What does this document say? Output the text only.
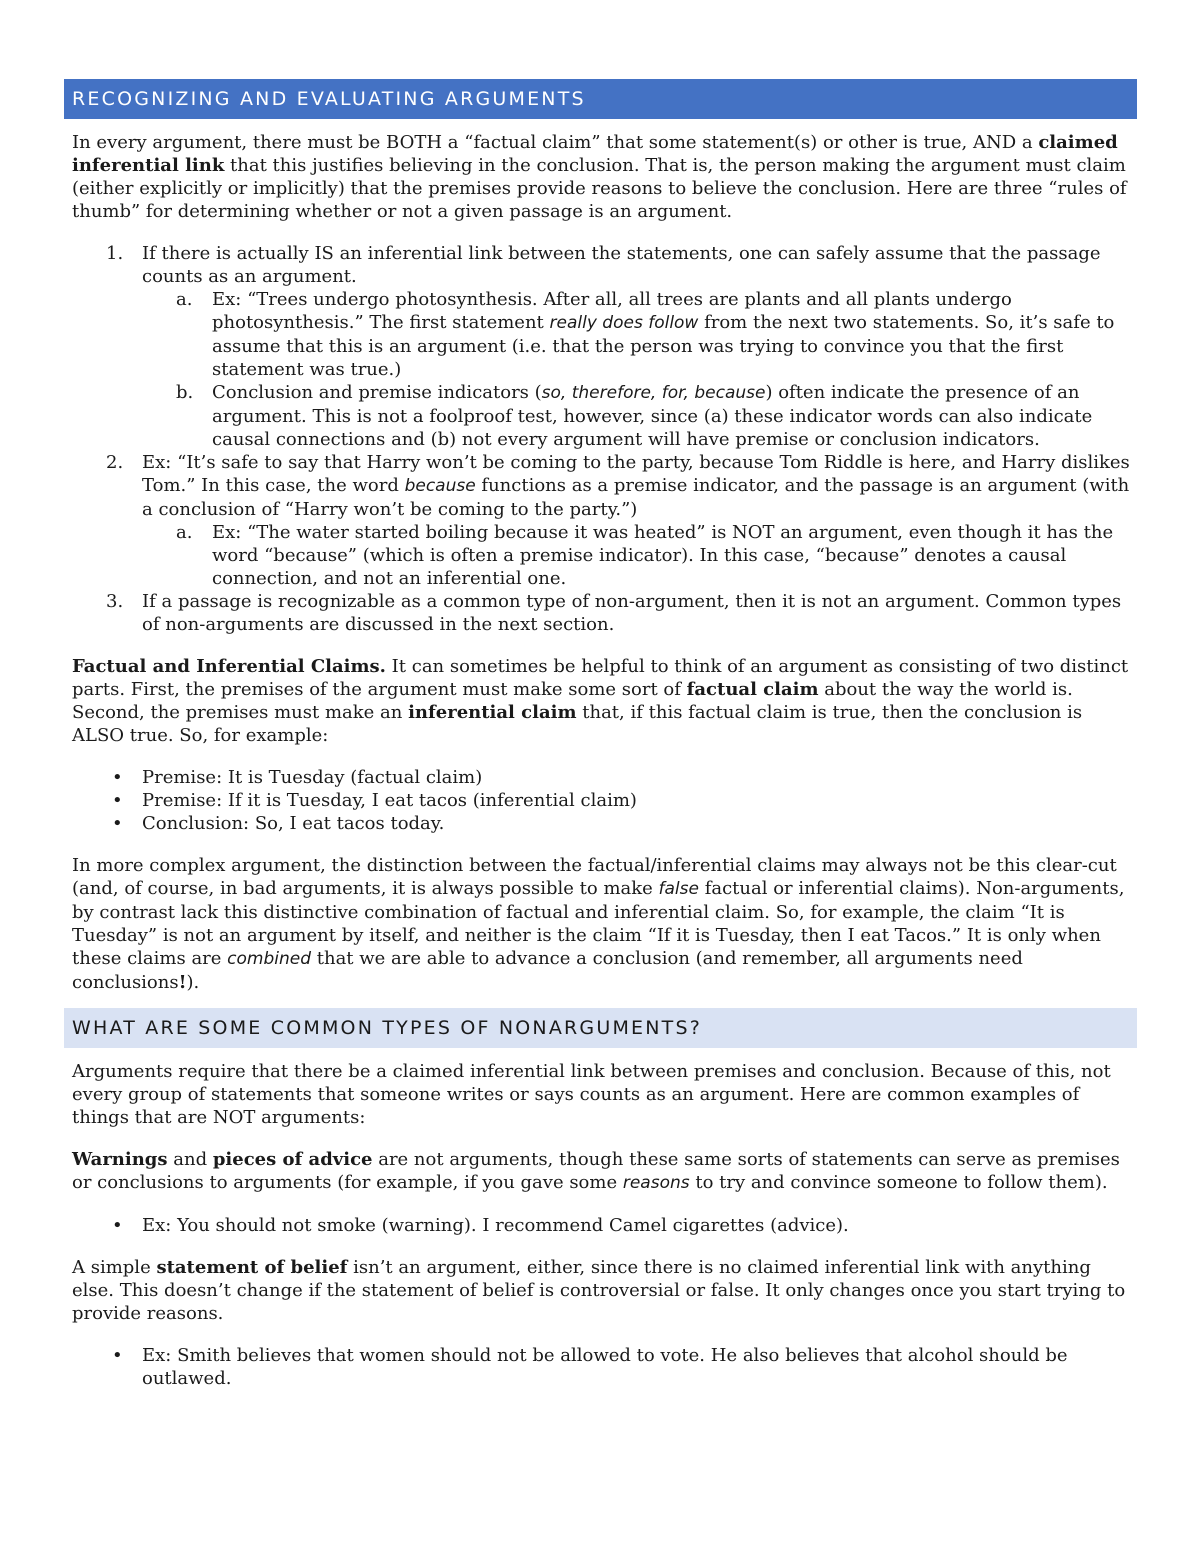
RECOGNIZING AND EVALUATING ARGUMENTS

In every argument, there must be BOTH a “factual claim” that some statement(s) or other is true, AND a claimed inferential link that this justifies believing in the conclusion. That is, the person making the argument must claim (either explicitly or implicitly) that the premises provide reasons to believe the conclusion. Here are three “rules of thumb” for determining whether or not a given passage is an argument.

1. If there is actually IS an inferential link between the statements, one can safely assume that the passage counts as an argument.
a. Ex: “Trees undergo photosynthesis. After all, all trees are plants and all plants undergo photosynthesis.” The first statement really does follow from the next two statements. So, it’s safe to assume that this is an argument (i.e. that the person was trying to convince you that the first statement was true.)
b. Conclusion and premise indicators (so, therefore, for, because) often indicate the presence of an argument. This is not a foolproof test, however, since (a) these indicator words can also indicate causal connections and (b) not every argument will have premise or conclusion indicators.
2. Ex: “It’s safe to say that Harry won’t be coming to the party, because Tom Riddle is here, and Harry dislikes Tom.” In this case, the word because functions as a premise indicator, and the passage is an argument (with a conclusion of “Harry won’t be coming to the party.”)
a. Ex: “The water started boiling because it was heated” is NOT an argument, even though it has the word “because” (which is often a premise indicator). In this case, “because” denotes a causal connection, and not an inferential one.
3. If a passage is recognizable as a common type of non-argument, then it is not an argument. Common types of non-arguments are discussed in the next section.

Factual and Inferential Claims. It can sometimes be helpful to think of an argument as consisting of two distinct parts. First, the premises of the argument must make some sort of factual claim about the way the world is. Second, the premises must make an inferential claim that, if this factual claim is true, then the conclusion is ALSO true. So, for example:

• Premise: It is Tuesday (factual claim)
• Premise: If it is Tuesday, I eat tacos (inferential claim)
• Conclusion: So, I eat tacos today.

In more complex argument, the distinction between the factual/inferential claims may always not be this clear-cut (and, of course, in bad arguments, it is always possible to make false factual or inferential claims). Non-arguments, by contrast lack this distinctive combination of factual and inferential claim. So, for example, the claim “It is Tuesday” is not an argument by itself, and neither is the claim “If it is Tuesday, then I eat Tacos.” It is only when these claims are combined that we are able to advance a conclusion (and remember, all arguments need conclusions!).

WHAT ARE SOME COMMON TYPES OF NONARGUMENTS?

Arguments require that there be a claimed inferential link between premises and conclusion. Because of this, not every group of statements that someone writes or says counts as an argument. Here are common examples of things that are NOT arguments:

Warnings and pieces of advice are not arguments, though these same sorts of statements can serve as premises or conclusions to arguments (for example, if you gave some reasons to try and convince someone to follow them).

• Ex: You should not smoke (warning). I recommend Camel cigarettes (advice).

A simple statement of belief isn’t an argument, either, since there is no claimed inferential link with anything else. This doesn’t change if the statement of belief is controversial or false. It only changes once you start trying to provide reasons.

• Ex: Smith believes that women should not be allowed to vote. He also believes that alcohol should be outlawed.
